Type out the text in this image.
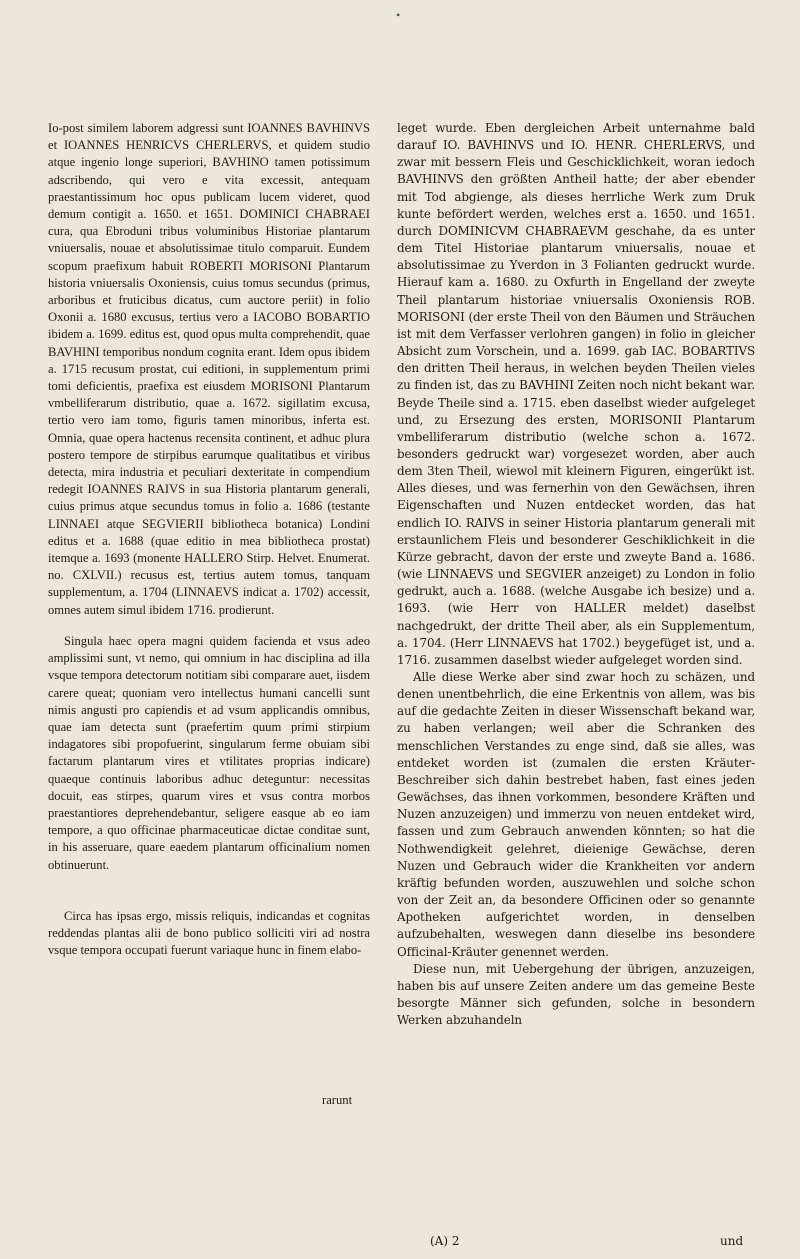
•

Io-post similem laborem adgressi sunt IOANNES BAVHINVS et IOANNES HENRICVS CHERLERVS, et quidem studio atque ingenio longe superiori, BAVHINO tamen potissimum adscribendo, qui vero e vita excessit, antequam praestantissimum hoc opus publicam lucem videret, quod demum contigit a. 1650. et 1651. DOMINICI CHABRAEI cura, qua Ebroduni tribus voluminibus Historiae plantarum vniuersalis, nouae et absolutissimae titulo comparuit. Eundem scopum praefixum habuit ROBERTI MORISONI Plantarum historia vniuersalis Oxoniensis, cuius tomus secundus (primus, arboribus et fruticibus dicatus, cum auctore periit) in folio Oxonii a. 1680 excusus, tertius vero a IACOBO BOBARTIO ibidem a. 1699. editus est, quod opus multa comprehendit, quae BAVHINI temporibus nondum cognita erant. Idem opus ibidem a. 1715 recusum prostat, cui editioni, in supplementum primi tomi deficientis, praefixa est eiusdem MORISONI Plantarum vmbelliferarum distributio, quae a. 1672. sigillatim excusa, tertio vero iam tomo, figuris tamen minoribus, inferta est. Omnia, quae opera hactenus recensita continent, et adhuc plura postero tempore de stirpibus earumque qualitatibus et viribus detecta, mira industria et peculiari dexteritate in compendium redegit IOANNES RAIVS in sua Historia plantarum generali, cuius primus atque secundus tomus in folio a. 1686 (testante LINNAEI atque SEGVIERII bibliotheca botanica) Londini editus et a. 1688 (quae editio in mea bibliotheca prostat) itemque a. 1693 (monente HALLERO Stirp. Helvet. Enumerat. no. CXLVII.) recusus est, tertius autem tomus, tanquam supplementum, a. 1704 (LINNAEVS indicat a. 1702) accessit, omnes autem simul ibidem 1716. prodierunt.

Singula haec opera magni quidem facienda et vsus adeo amplissimi sunt, vt nemo, qui omnium in hac disciplina ad illa vsque tempora detectorum notitiam sibi comparare auet, iisdem carere queat; quoniam vero intellectus humani cancelli sunt nimis angusti pro capiendis et ad vsum applicandis omnibus, quae iam detecta sunt (praefertim quum primi stirpium indagatores sibi propofuerint, singularum ferme obuiam sibi factarum plantarum vires et vtilitates proprias indicare) quaeque continuis laboribus adhuc deteguntur: necessitas docuit, eas stirpes, quarum vires et vsus contra morbos praestantiores deprehendebantur, seligere easque ab eo iam tempore, a quo officinae pharmaceuticae dictae conditae sunt, in his asseruare, quare eaedem plantarum officinalium nomen obtinuerunt.

Circa has ipsas ergo, missis reliquis, indicandas et cognitas reddendas plantas alii de bono publico solliciti viri ad nostra vsque tempora occupati fuerunt variaque hunc in finem elabo-

rarunt

leget wurde. Eben dergleichen Arbeit unternahme bald darauf IO. BAVHINVS und IO. HENR. CHERLERVS, und zwar mit bessern Fleis und Geschicklichkeit, woran iedoch BAVHINVS den größten Antheil hatte; der aber ebender mit Tod abgienge, als dieses herrliche Werk zum Druk kunte befördert werden, welches erst a. 1650. und 1651. durch DOMINICVM CHABRAEVM geschahe, da es unter dem Titel Historiae plantarum vniuersalis, nouae et absolutissimae zu Yverdon in 3 Folianten gedruckt wurde. Hierauf kam a. 1680. zu Oxfurth in Engelland der zweyte Theil plantarum historiae vniuersalis Oxoniensis ROB. MORISONI (der erste Theil von den Bäumen und Sträuchen ist mit dem Verfasser verlohren gangen) in folio in gleicher Absicht zum Vorschein, und a. 1699. gab IAC. BOBARTIVS den dritten Theil heraus, in welchen beyden Theilen vieles zu finden ist, das zu BAVHINI Zeiten noch nicht bekant war. Beyde Theile sind a. 1715. eben daselbst wieder aufgeleget und, zu Ersezung des ersten, MORISONII Plantarum vmbelliferarum distributio (welche schon a. 1672. besonders gedruckt war) vorgesezet worden, aber auch dem 3ten Theil, wiewol mit kleinern Figuren, eingerükt ist. Alles dieses, und was fernerhin von den Gewächsen, ihren Eigenschaften und Nuzen entdecket worden, das hat endlich IO. RAIVS in seiner Historia plantarum generali mit erstaunlichem Fleis und besonderer Geschiklichkeit in die Kürze gebracht, davon der erste und zweyte Band a. 1686. (wie LINNAEVS und SEGVIER anzeiget) zu London in folio gedrukt, auch a. 1688. (welche Ausgabe ich besize) und a. 1693. (wie Herr von HALLER meldet) daselbst nachgedrukt, der dritte Theil aber, als ein Supplementum, a. 1704. (Herr LINNAEVS hat 1702.) beygefüget ist, und a. 1716. zusammen daselbst wieder aufgeleget worden sind.

Alle diese Werke aber sind zwar hoch zu schäzen, und denen unentbehrlich, die eine Erkentnis von allem, was bis auf die gedachte Zeiten in dieser Wissenschaft bekand war, zu haben verlangen; weil aber die Schranken des menschlichen Verstandes zu enge sind, daß sie alles, was entdeket worden ist (zumalen die ersten Kräuter-Beschreiber sich dahin bestrebet haben, fast eines jeden Gewächses, das ihnen vorkommen, besondere Kräften und Nuzen anzuzeigen) und immerzu von neuen entdeket wird, fassen und zum Gebrauch anwenden könnten; so hat die Nothwendigkeit gelehret, dieienige Gewächse, deren Nuzen und Gebrauch wider die Krankheiten vor andern kräftig befunden worden, auszuwehlen und solche schon von der Zeit an, da besondere Officinen oder so genannte Apotheken aufgerichtet worden, in denselben aufzubehalten, weswegen dann dieselbe ins besondere Officinal-Kräuter genennet werden.

Diese nun, mit Uebergehung der übrigen, anzuzeigen, haben bis auf unsere Zeiten andere um das gemeine Beste besorgte Männer sich gefunden, solche in besondern Werken abzuhandeln

(A) 2	und
